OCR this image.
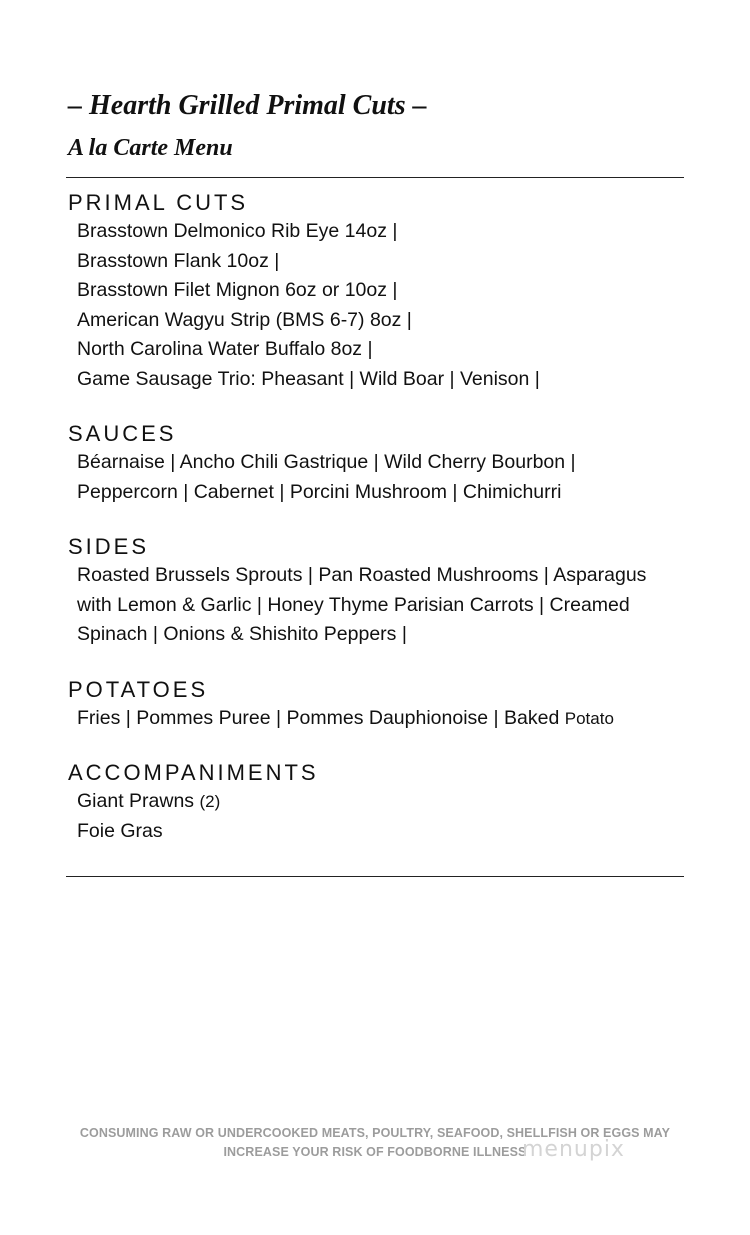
– Hearth Grilled Primal Cuts –
A la Carte Menu
PRIMAL CUTS
Brasstown Delmonico Rib Eye 14oz |
Brasstown Flank 10oz |
Brasstown Filet Mignon 6oz or 10oz |
American Wagyu Strip (BMS 6-7) 8oz |
North Carolina Water Buffalo 8oz |
Game Sausage Trio: Pheasant | Wild Boar | Venison |
SAUCES
Béarnaise | Ancho Chili Gastrique | Wild Cherry Bourbon |
Peppercorn | Cabernet | Porcini Mushroom | Chimichurri
SIDES
Roasted Brussels Sprouts | Pan Roasted Mushrooms | Asparagus
with Lemon & Garlic | Honey Thyme Parisian Carrots | Creamed
Spinach | Onions & Shishito Peppers |
POTATOES
Fries | Pommes Puree | Pommes Dauphionoise | Baked Potato
ACCOMPANIMENTS
Giant Prawns (2)
Foie Gras
CONSUMING RAW OR UNDERCOOKED MEATS, POULTRY, SEAFOOD, SHELLFISH OR EGGS MAY
INCREASE YOUR RISK OF FOODBORNE ILLNESS
menupix
